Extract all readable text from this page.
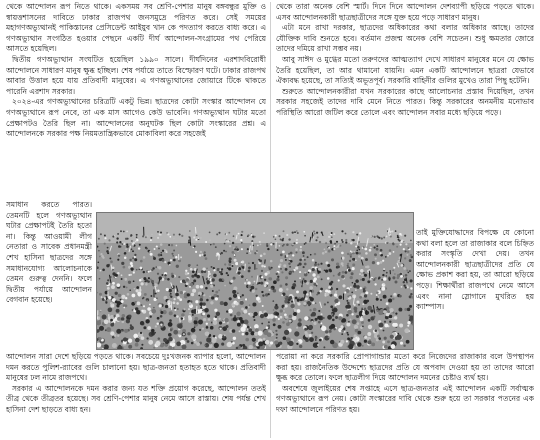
থেকে আন্দোলন রূপ নিতে থাকে। একসময় সব শ্রেণি-পেশার মানুষ বঙ্গবন্ধুর মুক্তি ও স্বায়ত্তশাসনের দাবিতে ঢাকার রাজপথ জনসমুদ্রে পরিণত করে। সেই সময়ের মহাগণঅভ্যুত্থানই পাকিস্তানের প্রেসিডেন্ট আইয়ুব খান কে পদত্যাগ করতে বাধ্য করে। এ গণঅভ্যুত্থান সংগঠিত হওয়ার পেছনে একটি দীর্ঘ আন্দোলন-সংগ্রামের পথ পেরিয়ে আসতে হয়েছিল।

দ্বিতীয় গণঅভ্যুত্থান সংঘটিত হয়েছিল ১৯৯০ সালে। দীর্ঘদিনের এরশাদবিরোধী আন্দোলনে সাধারণ মানুষ ক্ষুব্ধ হচ্ছিল। শেষ পর্যায়ে তাতে বিস্ফোরণ ঘটে। ঢাকার রাজপথ আবার উত্তাল হয়ে যায় প্রতিবাদী মানুষের। এ গণঅভ্যুত্থানের জোয়ারে টিকে থাকতে পারেনি এরশাদ সরকার।

২০২৪-এর গণঅভ্যুত্থানের চরিত্রটি একটু ভিন্ন। ছাত্রদের কোটা সংস্কার আন্দোলন যে গণঅভ্যুত্থানে রূপ নেবে, তা এক মাস আগেও কেউ ভাবেনি। গণঅভ্যুত্থান ঘটার মতো প্রেক্ষাপটও তৈরি ছিল না। আন্দোলনের অনুঘটক ছিল কোটা সংস্কারের প্রশ্ন। এ আন্দোলনকে সরকার পক্ষ নিয়মতান্ত্রিকভাবে মোকাবিলা করে সহজেই

থেকে তারা অনেক বেশি স্মার্ট। দিনে দিনে আন্দোলন দেশব্যাপী ছড়িয়ে পড়তে থাকে। এসব আন্দোলনকারী ছাত্রছাত্রীদের সঙ্গে যুক্ত হয়ে পড়ে সাধারণ মানুষ।

এটা মনে রাখা দরকার, ছাত্রদের অধিকারের কথা বলার অধিকার আছে। তাদের যৌক্তিক দাবি শুনতে হবে। বর্তমান প্রজন্ম অনেক বেশি সচেতন। শুধু ক্ষমতার জোরে তাদের দমিয়ে রাখা সম্ভব নয়।

আবু সাঈদ ও মুগ্ধের মতো তরুণদের আত্মত্যাগ দেখে সাধারণ মানুষের মনে যে ক্ষোভ তৈরি হয়েছিল, তা আর থামানো যায়নি। এমন একটি আন্দোলনে ছাত্ররা যেভাবে ঐক্যবদ্ধ হয়েছে, তা সত্যিই অভূতপূর্ব। সরকারি বাহিনীর গুলির মুখেও তারা পিছু হটেনি।

শুরুতে আন্দোলনকারীরা যখন সরকারের কাছে আলোচনার প্রস্তাব দিয়েছিল, তখন সরকার সহজেই তাদের দাবি মেনে নিতে পারত। কিন্তু সরকারের অনমনীয় মনোভাব পরিস্থিতি আরো জটিল করে তোলে এবং আন্দোলন সবার মধ্যে ছড়িয়ে পড়ে।

সমাধান করতে পারত। তেমনটি হলে গণঅভ্যুত্থান ঘটার প্রেক্ষাপটই তৈরি হতো না। কিন্তু আওয়ামী লীগ নেতারা ও সাবেক প্রধানমন্ত্রী শেখ হাসিনা ছাত্রদের সঙ্গে সমাধানযোগ্য আলোচনাকে তেমন গুরুত্ব দেননি। ফলে দ্বিতীয় পর্যায়ে আন্দোলন বেগবান হয়েছে।

তাই মুক্তিযোদ্ধাদের বিপক্ষে যে কোনো কথা বলা হলে তা রাজাকার বলে চিহ্নিত করার সংস্কৃতি দেখা দেয়। তখন আন্দোলনকারী ছাত্রছাত্রীদের প্রতি যে ক্ষোভ প্রকাশ করা হয়, তা আরো ছড়িয়ে পড়ে। শিক্ষার্থীরা রাজপথে নেমে আসে এবং নানা স্লোগানে মুখরিত হয় ক্যাম্পাস।

আন্দোলন সারা দেশে ছড়িয়ে পড়তে থাকে। সবচেয়ে দুঃখজনক ব্যাপার হলো, আন্দোলন দমন করতে পুলিশ-র‍্যাবের গুলি চালানো হয়। ছাত্র-জনতা হতাহত হতে থাকে। প্রতিবাদী মানুষের ঢল নামে রাজপথে।

সরকার এ আন্দোলনকে দমন করার জন্য যত শক্তি প্রয়োগ করেছে, আন্দোলন ততই তীব্র থেকে তীব্রতর হয়েছে। সব শ্রেণি-পেশার মানুষ নেমে আসে রাস্তায়। শেষ পর্যন্ত শেখ হাসিনা দেশ ছাড়তে বাধ্য হন।

পরোয়া না করে সরকারি প্রোপাগান্ডার মতো করে নিজেদের রাজাকার বলে উপস্থাপন করা হয়। রাজনৈতিক উদ্দেশ্যে ছাত্রদের প্রতি যে অপবাদ দেওয়া হয় তা তাদের আরো ক্ষুব্ধ করে তোলে। ফলে ছাত্রলীগ দিয়ে আন্দোলন দমনের চেষ্টাও ব্যর্থ হয়।

অবশেষে জুলাইয়ের শেষ সপ্তাহে এসে ছাত্র-জনতার এই আন্দোলন একটি সর্বাত্মক গণঅভ্যুত্থানে রূপ নেয়। কোটা সংস্কারের দাবি থেকে শুরু হয়ে তা সরকার পতনের এক দফা আন্দোলনে পরিণত হয়।
